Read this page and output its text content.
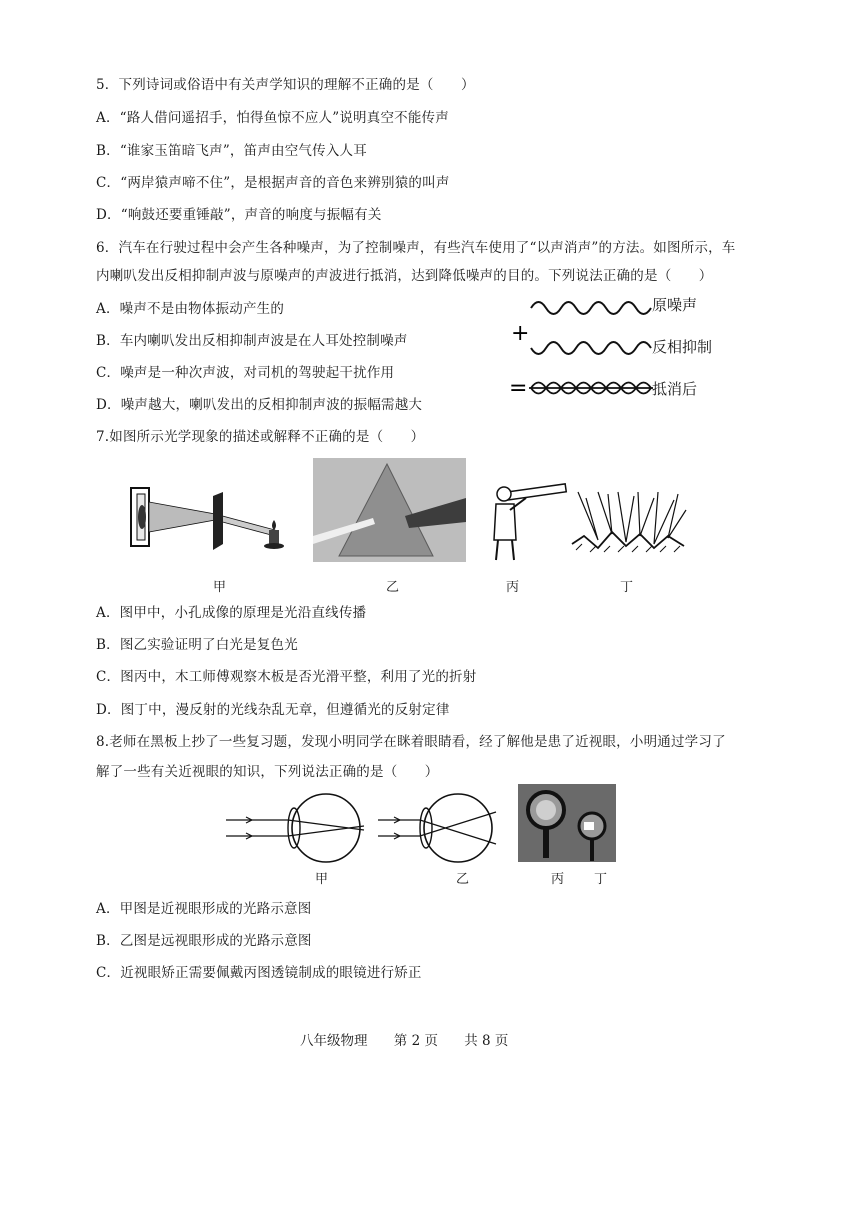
5．下列诗词或俗语中有关声学知识的理解不正确的是（　　）
A．“路人借问遥招手，怕得鱼惊不应人”说明真空不能传声
B．“谁家玉笛暗飞声”，笛声由空气传入人耳
C．“两岸猿声啼不住”，是根据声音的音色来辨别猿的叫声
D．“响鼓还要重锤敲”，声音的响度与振幅有关
6．汽车在行驶过程中会产生各种噪声，为了控制噪声，有些汽车使用了“以声消声”的方法。如图所示，车
内喇叭发出反相抑制声波与原噪声的声波进行抵消，达到降低噪声的目的。下列说法正确的是（　　）
A．噪声不是由物体振动产生的
B．车内喇叭发出反相抑制声波是在人耳处控制噪声
C．噪声是一种次声波，对司机的驾驶起干扰作用
D．噪声越大，喇叭发出的反相抑制声波的振幅需越大
+
=
原噪声
反相抑制
抵消后
7.如图所示光学现象的描述或解释不正确的是（　　）
甲	乙	丙	丁
A．图甲中，小孔成像的原理是光沿直线传播
B．图乙实验证明了白光是复色光
C．图丙中，木工师傅观察木板是否光滑平整，利用了光的折射
D．图丁中，漫反射的光线杂乱无章，但遵循光的反射定律
8.老师在黑板上抄了一些复习题，发现小明同学在眯着眼睛看，经了解他是患了近视眼，小明通过学习了
解了一些有关近视眼的知识，下列说法正确的是（　　）
甲	乙	丙 丁
A．甲图是近视眼形成的光路示意图
B．乙图是远视眼形成的光路示意图
C．近视眼矫正需要佩戴丙图透镜制成的眼镜进行矫正
八年级物理 第 2 页 共 8 页
